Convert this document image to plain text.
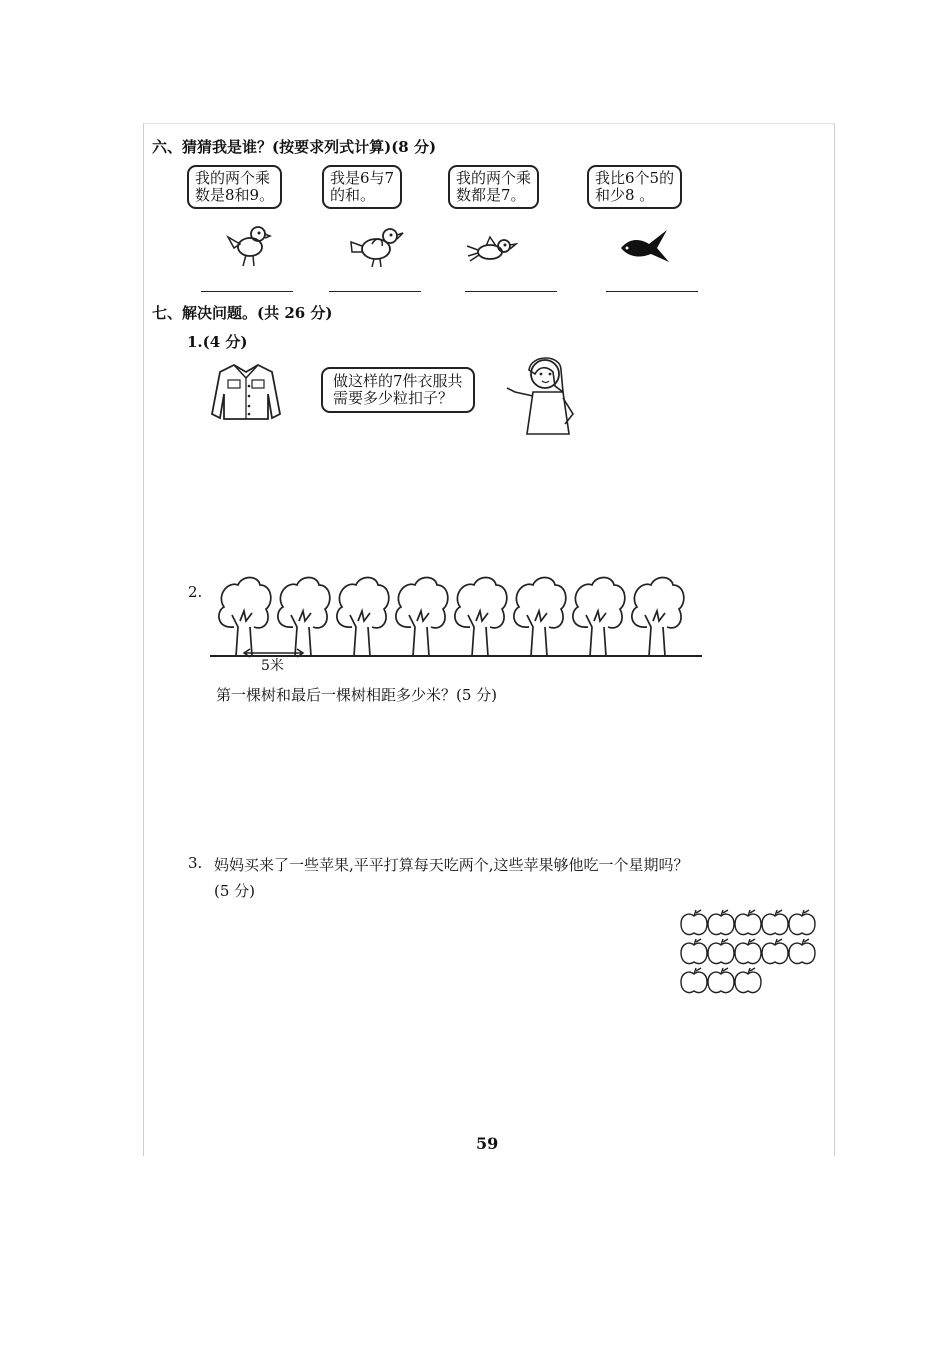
六、猜猜我是谁？(按要求列式计算)(8 分)
我的两个乘
数是8和9。
我是6与7
的和。
我的两个乘
数都是7。
我比6个5的
和少8 。
七、解决问题。(共 26 分)
1.(4 分)
做这样的7件衣服共
需要多少粒扣子？
2.
5米
第一棵树和最后一棵树相距多少米？(5 分)
3. 妈妈买来了一些苹果,平平打算每天吃两个,这些苹果够他吃一个星期吗？
(5 分)
59
